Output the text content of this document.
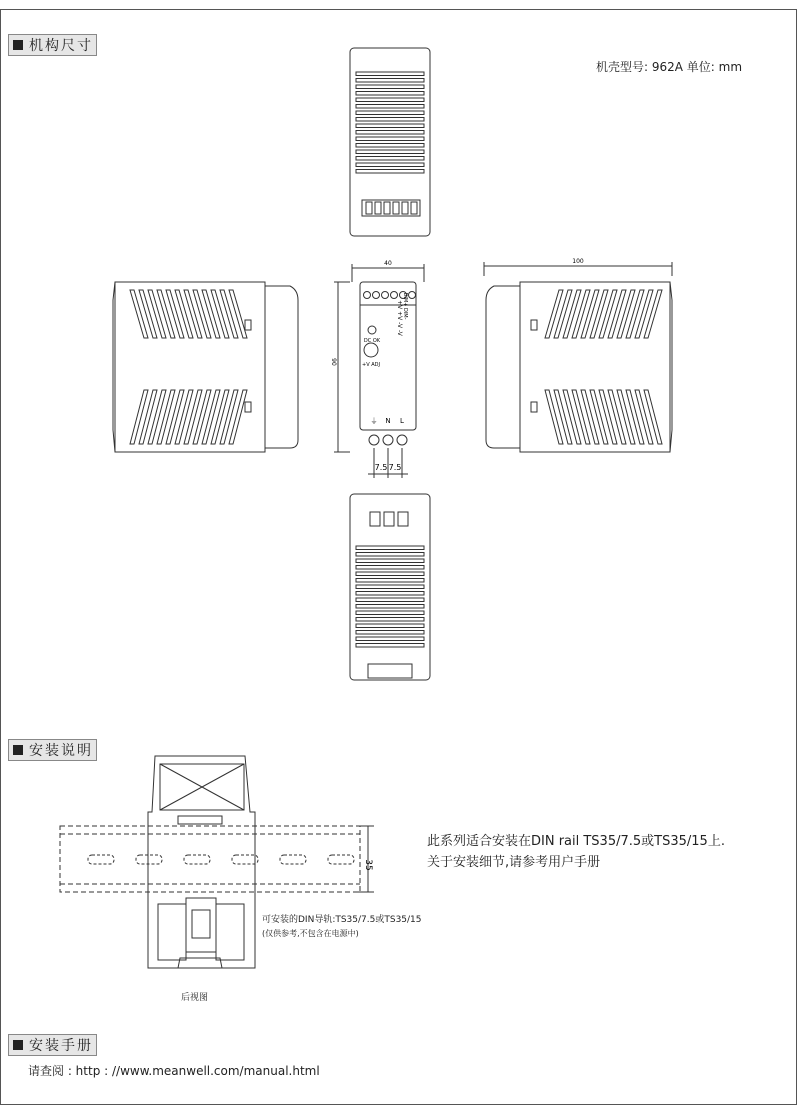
机构尺寸
机壳型号: 962A 单位: mm
40
90
7.5 7.5
+V +V -V -V DIM+ DIM-
DC OK
+V ADJ
⏚ N L
100
安装说明
35
此系列适合安装在DIN rail TS35/7.5或TS35/15上.
关于安装细节,请参考用户手册
可安装的DIN导轨:TS35/7.5或TS35/15
(仅供参考,不包含在电源中)
后视图
安装手册
请查阅 : http : //www.meanwell.com/manual.html
